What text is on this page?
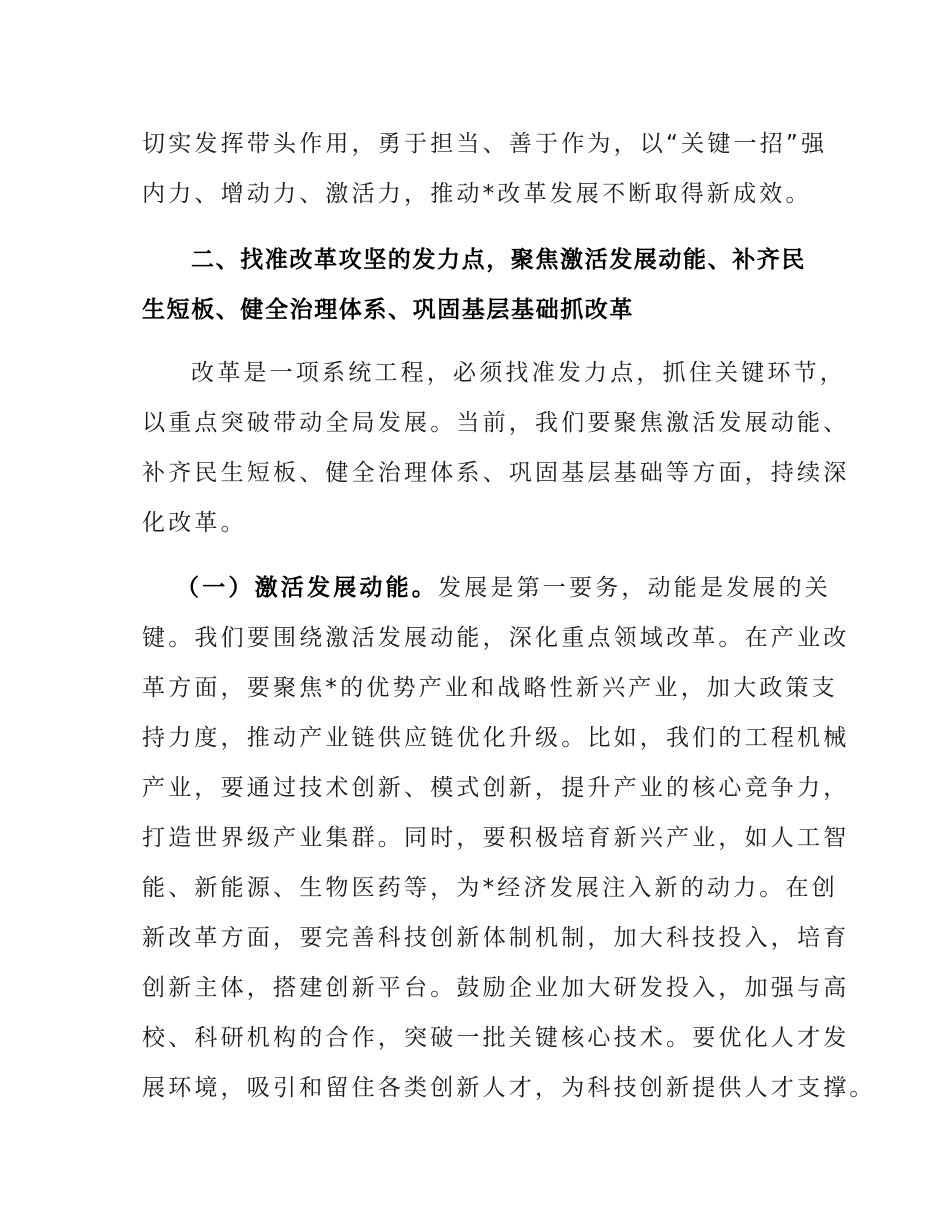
切实发挥带头作用，勇于担当、善于作为，以“关键一招”强
内力、增动力、激活力，推动*改革发展不断取得新成效。
二、找准改革攻坚的发力点，聚焦激活发展动能、补齐民
生短板、健全治理体系、巩固基层基础抓改革
改革是一项系统工程，必须找准发力点，抓住关键环节，
以重点突破带动全局发展。当前，我们要聚焦激活发展动能、
补齐民生短板、健全治理体系、巩固基层基础等方面，持续深
化改革。
（一）激活发展动能。发展是第一要务，动能是发展的关
键。我们要围绕激活发展动能，深化重点领域改革。在产业改
革方面，要聚焦*的优势产业和战略性新兴产业，加大政策支
持力度，推动产业链供应链优化升级。比如，我们的工程机械
产业，要通过技术创新、模式创新，提升产业的核心竞争力，
打造世界级产业集群。同时，要积极培育新兴产业，如人工智
能、新能源、生物医药等，为*经济发展注入新的动力。在创
新改革方面，要完善科技创新体制机制，加大科技投入，培育
创新主体，搭建创新平台。鼓励企业加大研发投入，加强与高
校、科研机构的合作，突破一批关键核心技术。要优化人才发
展环境，吸引和留住各类创新人才，为科技创新提供人才支撑。
